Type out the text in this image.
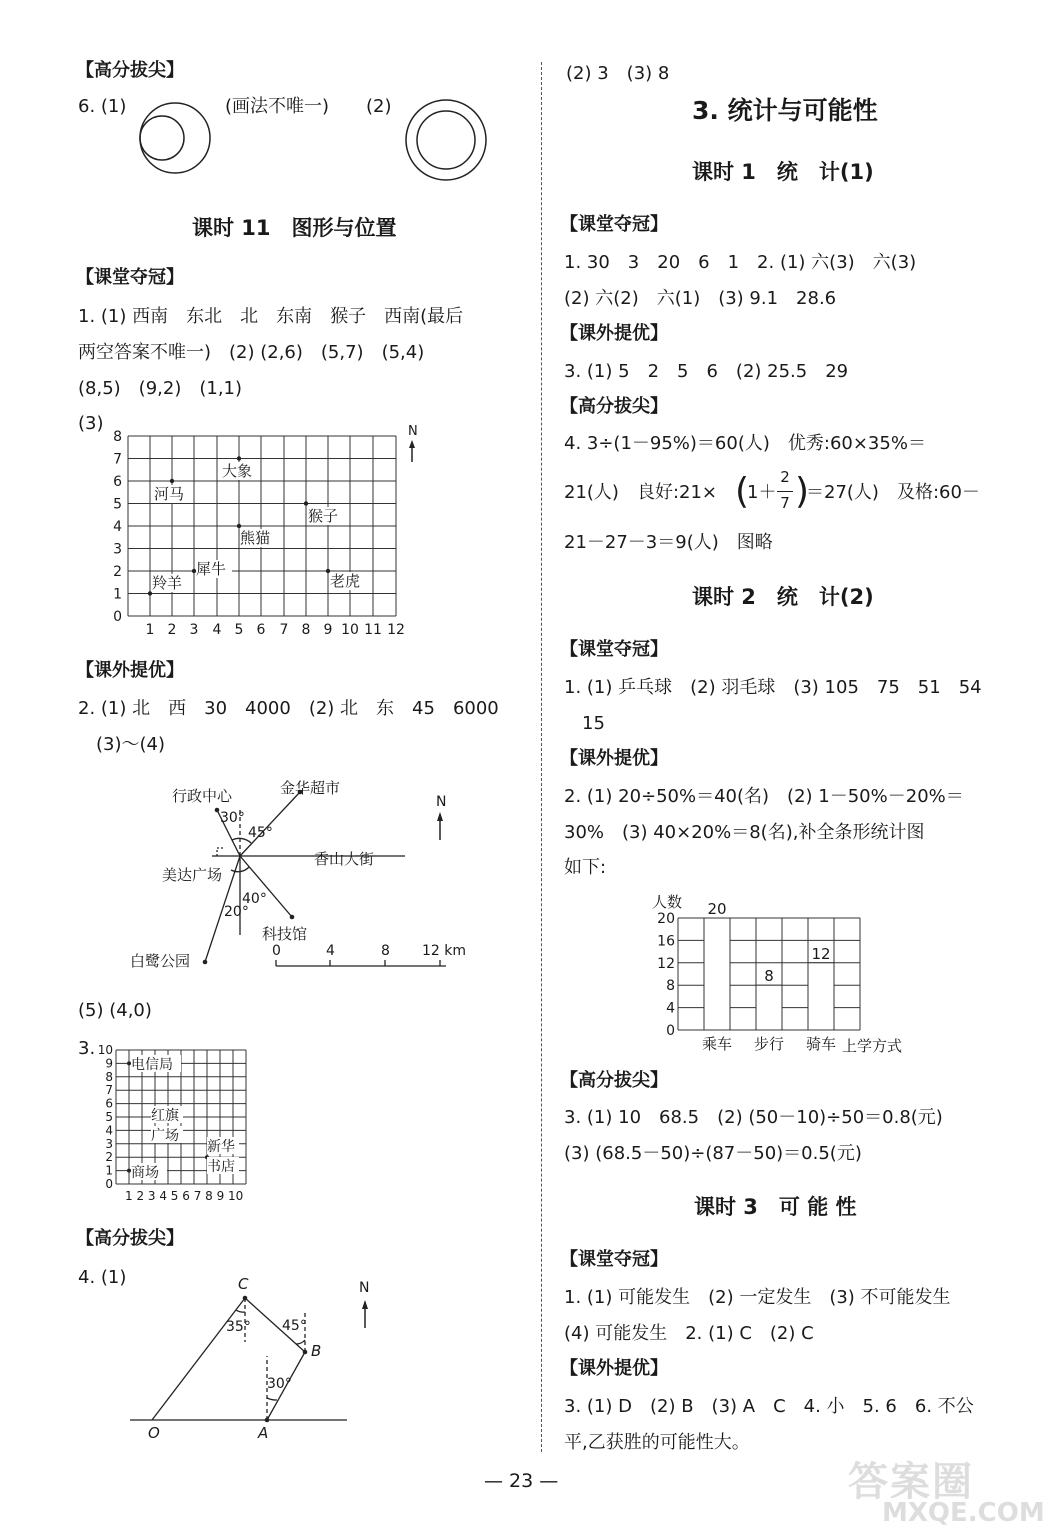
【高分拔尖】
6. (1)	(画法不唯一) (2)
课时 11　图形与位置
【课堂夺冠】
1. (1) 西南　东北　北　东南　猴子　西南(最后
两空答案不唯一)　(2) (2,6)　(5,7)　(5,4)
(8,5)　(9,2)　(1,1)
(3)
8
7
6
5
4
3
2
1
0
1 2 3 4 5 6 7 8 9 10 11 12
大象
河马
猴子
熊猫
羚羊
犀牛
老虎
N
【课外提优】
2. (1) 北　西　30　4000　(2) 北　东　45　6000
(3)～(4)
行政中心	金华超市
香山大街
美达广场
科技馆
白鹭公园
30°
45°
40°
20°
N
0	4	8 12 km
(5) (4,0)
3. 10
9
8
7
6
5
4
3
2
1
0
1 2 3 4 5 6 7 8 9 10
电信局
红旗
广场
新华
书店
商场
【高分拔尖】
4. (1)	C
B
O	A
35° 45°
30°
N
(2) 3　(3) 8
3. 统计与可能性
课时 1　统　计(1)
【课堂夺冠】
1. 30　3　20　6　1　2. (1) 六(3)　六(3)
(2) 六(2)　六(1)　(3) 9.1　28.6
【课外提优】
3. (1) 5　2　5　6　(2) 25.5　29
【高分拔尖】
4. 3÷(1－95%)＝60(人)　优秀:60×35%＝
21(人)　良好:21× (
1＋
2
7 )
＝27(人)　及格:60－
21－27－3＝9(人)　图略
课时 2　统　计(2)
【课堂夺冠】
1. (1) 乒乓球　(2) 羽毛球　(3) 105　75　51　54
15
【课外提优】
2. (1) 20÷50%＝40(名)　(2) 1－50%－20%＝
30%　(3) 40×20%＝8(名),补全条形统计图
如下:
人数
20
16
12
8
4
0
乘车 步行 骑车
20
8
12
上学方式
【高分拔尖】
3. (1) 10　68.5　(2) (50－10)÷50＝0.8(元)
(3) (68.5－50)÷(87－50)＝0.5(元)
课时 3　可 能 性
【课堂夺冠】
1. (1) 可能发生　(2) 一定发生　(3) 不可能发生
(4) 可能发生　2. (1) C　(2) C
【课外提优】
3. (1) D　(2) B　(3) A　C　4. 小　5. 6　6. 不公
平,乙获胜的可能性大。
— 23 —	答案圈
MXQE.COM
